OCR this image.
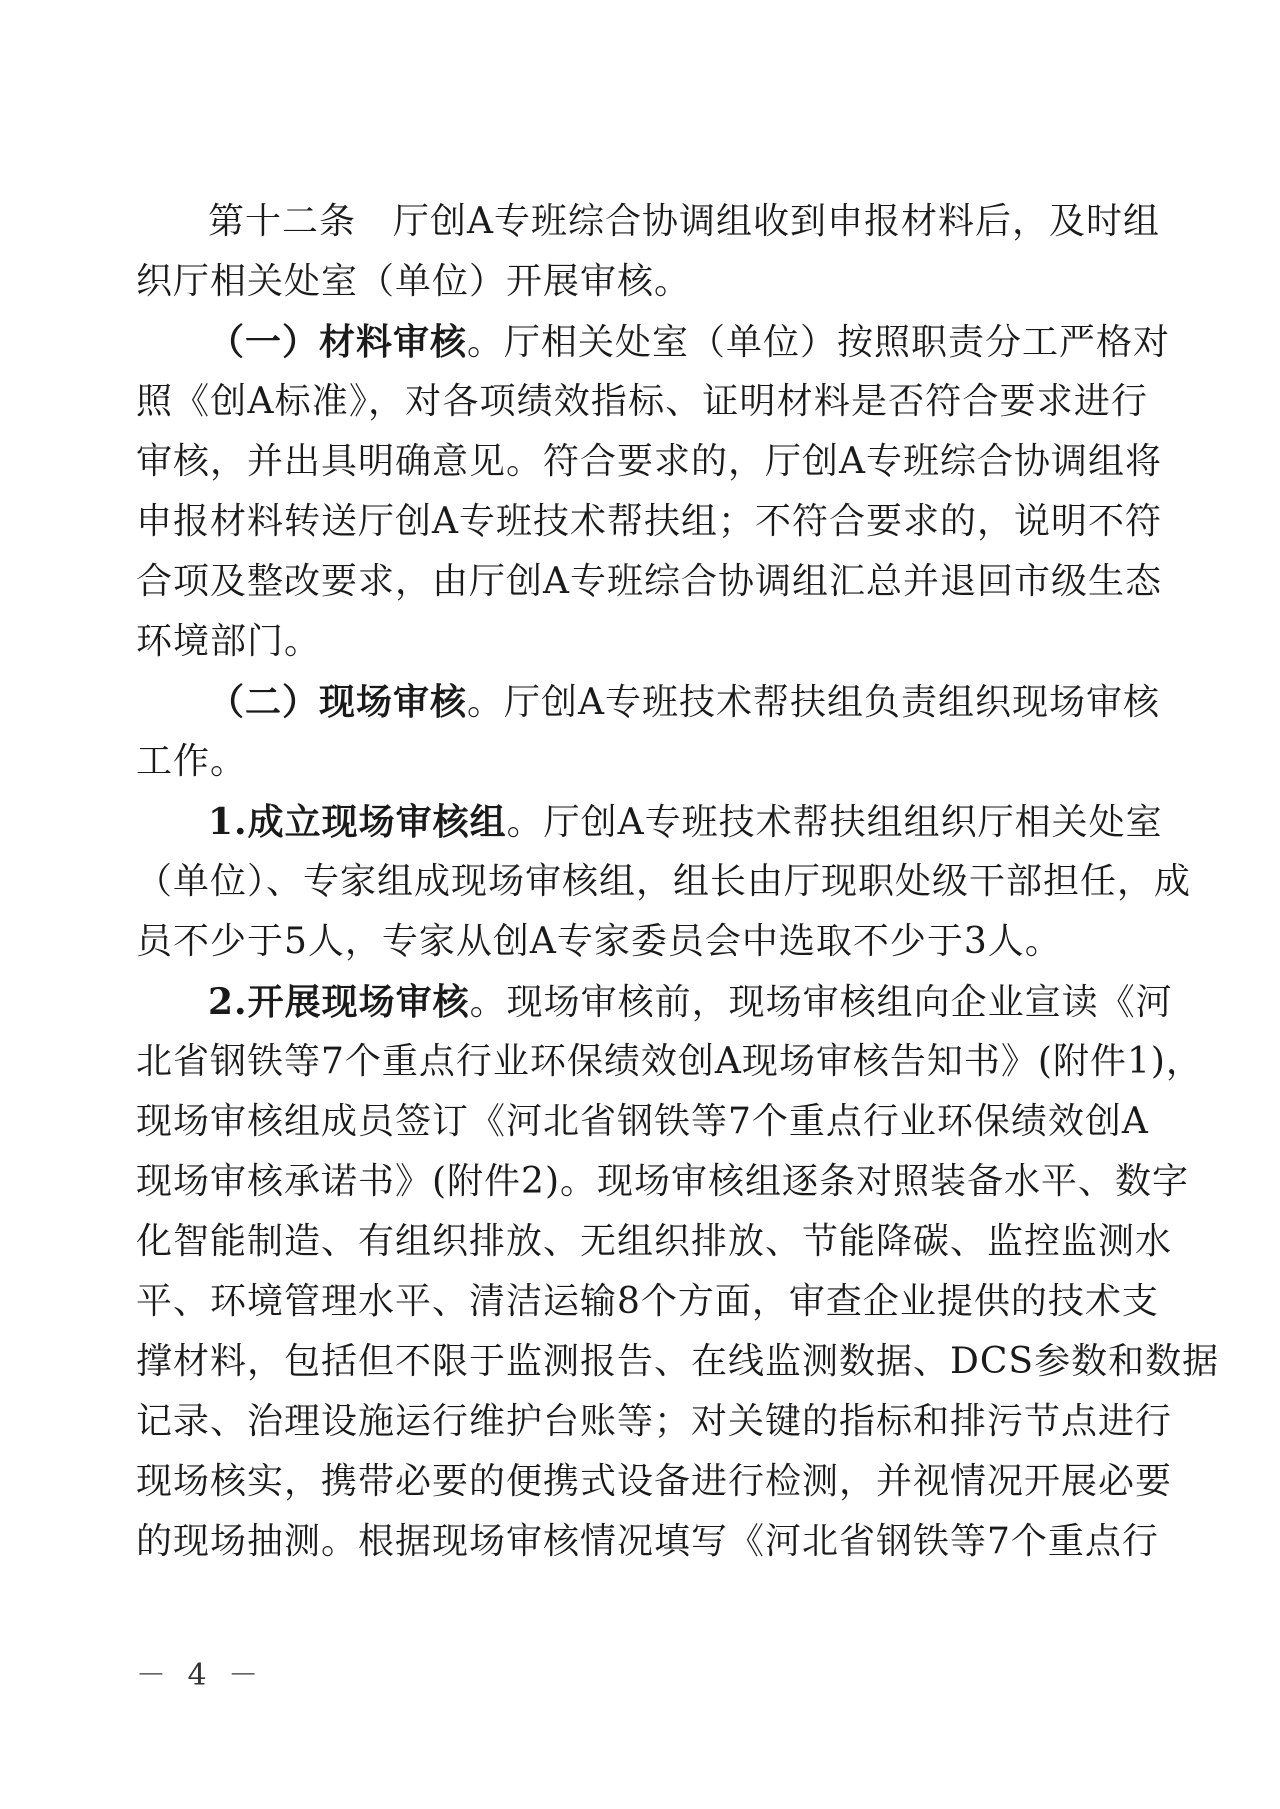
第十二条　厅创A专班综合协调组收到申报材料后，及时组
织厅相关处室（单位）开展审核。
（一）材料审核。厅相关处室（单位）按照职责分工严格对
照《创A标准》，对各项绩效指标、证明材料是否符合要求进行
审核，并出具明确意见。符合要求的，厅创A专班综合协调组将
申报材料转送厅创A专班技术帮扶组；不符合要求的，说明不符
合项及整改要求，由厅创A专班综合协调组汇总并退回市级生态
环境部门。
（二）现场审核。厅创A专班技术帮扶组负责组织现场审核
工作。
1.成立现场审核组。厅创A专班技术帮扶组组织厅相关处室
（单位）、专家组成现场审核组，组长由厅现职处级干部担任，成
员不少于5人，专家从创A专家委员会中选取不少于3人。
2.开展现场审核。现场审核前，现场审核组向企业宣读《河
北省钢铁等7个重点行业环保绩效创A现场审核告知书》(附件1)，
现场审核组成员签订《河北省钢铁等7个重点行业环保绩效创A
现场审核承诺书》(附件2)。现场审核组逐条对照装备水平、数字
化智能制造、有组织排放、无组织排放、节能降碳、监控监测水
平、环境管理水平、清洁运输8个方面，审查企业提供的技术支
撑材料，包括但不限于监测报告、在线监测数据、DCS参数和数据
记录、治理设施运行维护台账等；对关键的指标和排污节点进行
现场核实，携带必要的便携式设备进行检测，并视情况开展必要
的现场抽测。根据现场审核情况填写《河北省钢铁等7个重点行
－ 4 －
